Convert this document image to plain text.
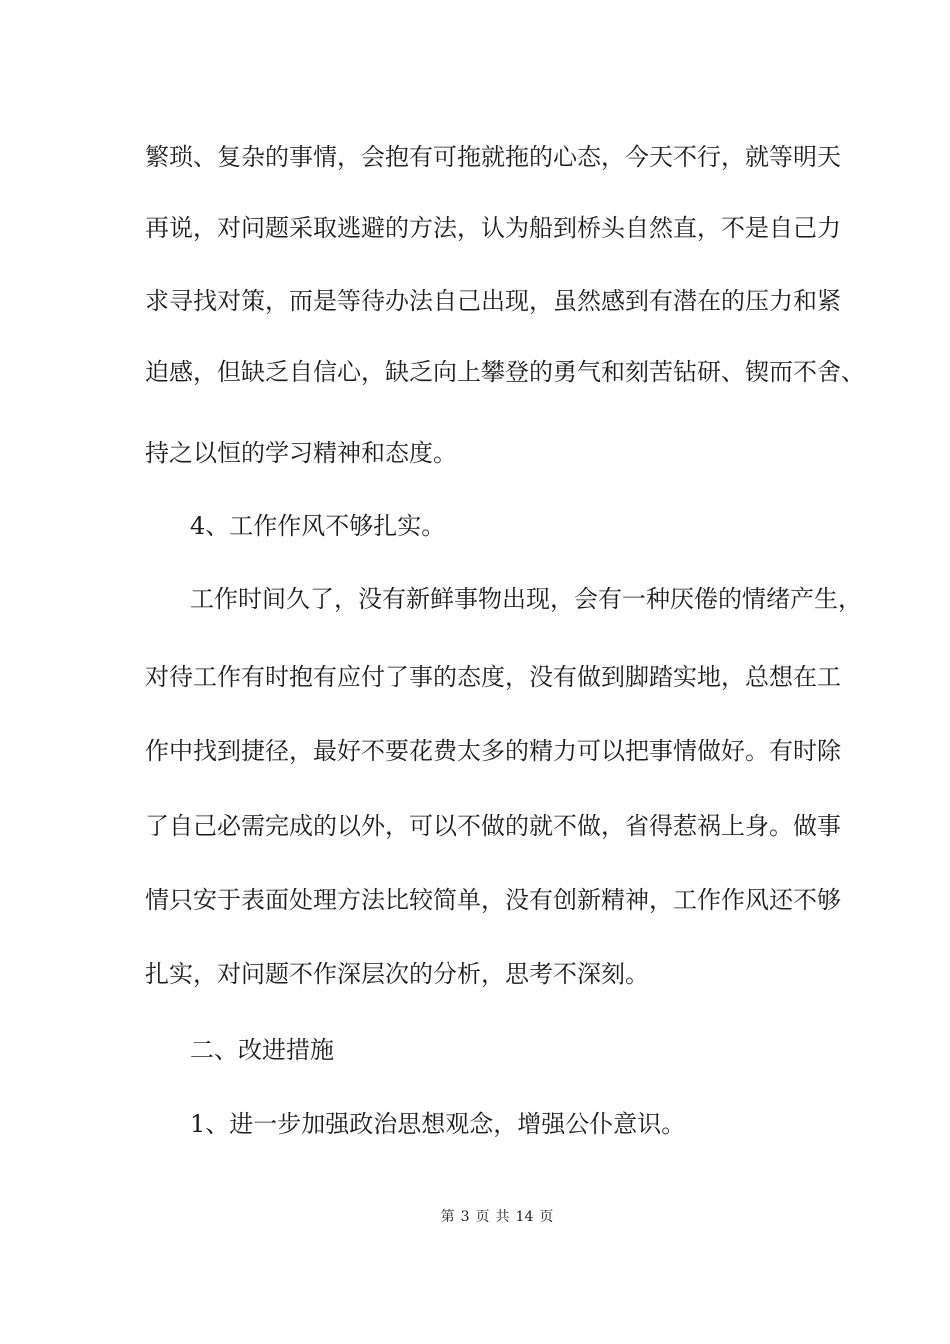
繁琐、复杂的事情，会抱有可拖就拖的心态，今天不行，就等明天
再说，对问题采取逃避的方法，认为船到桥头自然直，不是自己力
求寻找对策，而是等待办法自己出现，虽然感到有潜在的压力和紧
迫感，但缺乏自信心，缺乏向上攀登的勇气和刻苦钻研、锲而不舍、
持之以恒的学习精神和态度。
4、工作作风不够扎实。
工作时间久了，没有新鲜事物出现，会有一种厌倦的情绪产生，
对待工作有时抱有应付了事的态度，没有做到脚踏实地，总想在工
作中找到捷径，最好不要花费太多的精力可以把事情做好。有时除
了自己必需完成的以外，可以不做的就不做，省得惹祸上身。做事
情只安于表面处理方法比较简单，没有创新精神，工作作风还不够
扎实，对问题不作深层次的分析，思考不深刻。
二、改进措施
1、进一步加强政治思想观念，增强公仆意识。
第 3 页 共 14 页
